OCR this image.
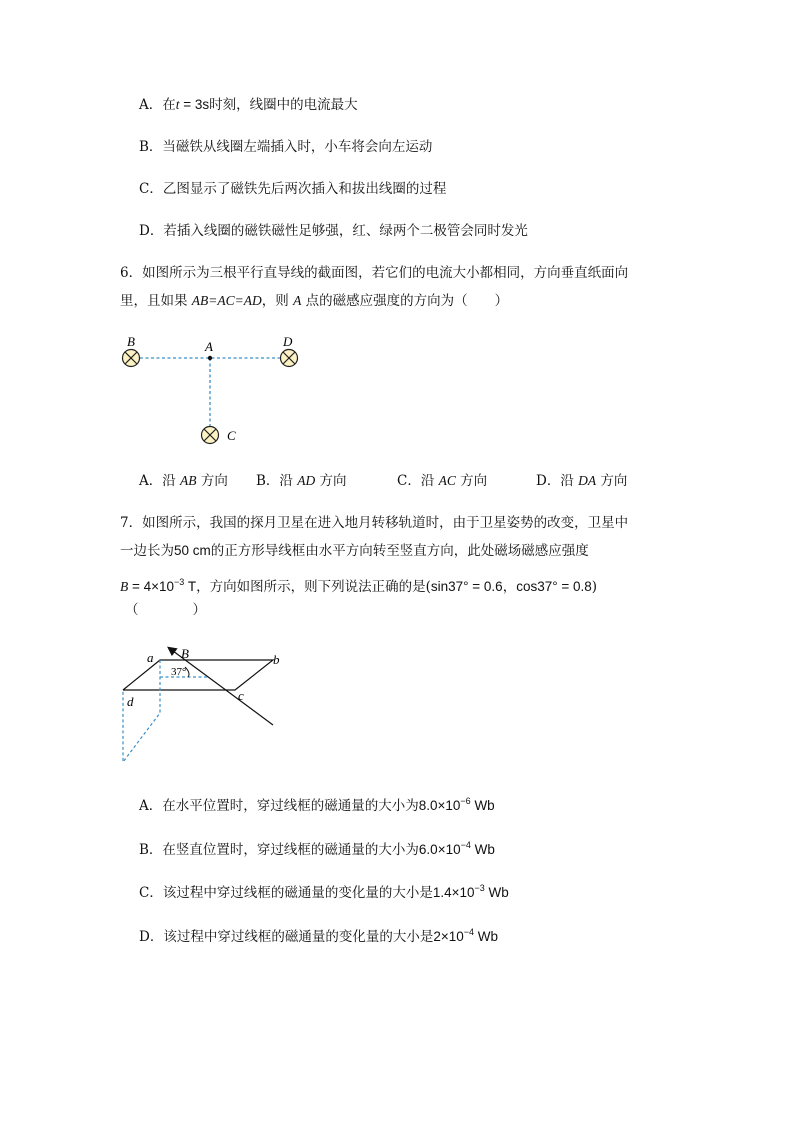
A．在t = 3s时刻，线圈中的电流最大
B．当磁铁从线圈左端插入时，小车将会向左运动
C．乙图显示了磁铁先后两次插入和拔出线圈的过程
D．若插入线圈的磁铁磁性足够强，红、绿两个二极管会同时发光
6．如图所示为三根平行直导线的截面图，若它们的电流大小都相同，方向垂直纸面向
里，且如果 AB=AC=AD，则 A 点的磁感应强度的方向为（　　）
B	A	D
C
A．沿 AB 方向 B．沿 AD 方向	C．沿 AC 方向	D．沿 DA 方向
7．如图所示，我国的探月卫星在进入地月转移轨道时，由于卫星姿势的改变，卫星中
一边长为50 cm的正方形导线框由水平方向转至竖直方向，此处磁场磁感应强度
$B = 4\times 10^{-3}$ T，方向如图所示，则下列说法正确的是(sin37° = 0.6，cos37° = 0.8)
（　　　　）
a B	b
c
d
37°
A．在水平位置时，穿过线框的磁通量的大小为$8.0\times 10^{-6}$ Wb
B．在竖直位置时，穿过线框的磁通量的大小为$6.0\times 10^{-4}$ Wb
C．该过程中穿过线框的磁通量的变化量的大小是$1.4\times 10^{-3}$ Wb
D．该过程中穿过线框的磁通量的变化量的大小是$2\times 10^{-4}$ Wb
